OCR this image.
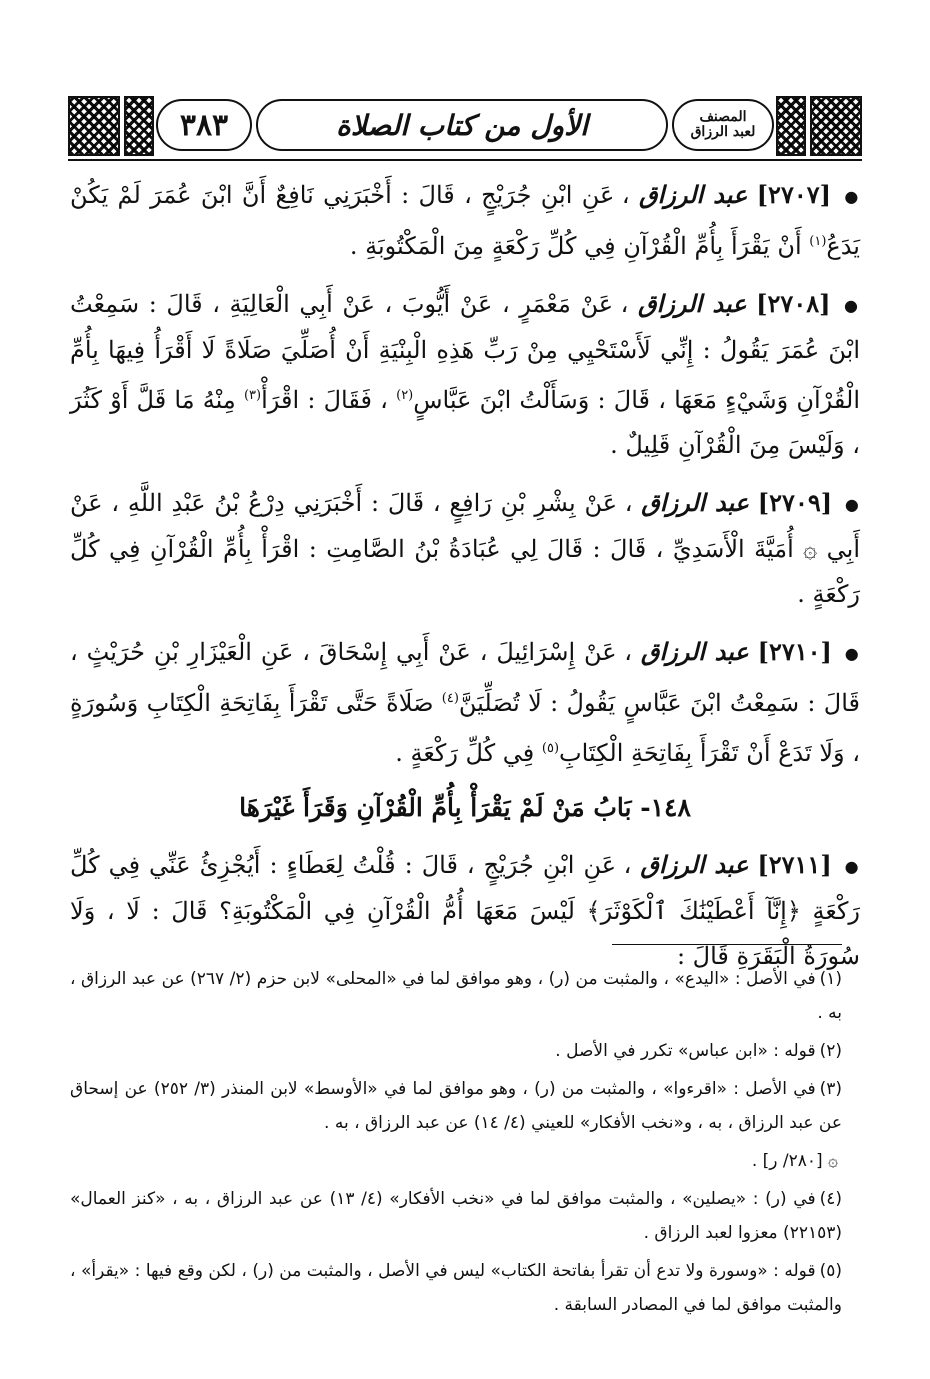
٣٨٣	الأول من كتاب الصلاة	المصنف
لعبد الرزاق

● [٢٧٠٧] عبد الرزاق ، عَنِ ابْنِ جُرَيْجٍ ، قَالَ : أَخْبَرَنِي نَافِعٌ أَنَّ ابْنَ عُمَرَ لَمْ يَكُنْ يَدَعُ$^{(١)}$ أَنْ يَقْرَأَ بِأُمِّ الْقُرْآنِ فِي كُلِّ رَكْعَةٍ مِنَ الْمَكْتُوبَةِ .

● [٢٧٠٨] عبد الرزاق ، عَنْ مَعْمَرٍ ، عَنْ أَيُّوبَ ، عَنْ أَبِي الْعَالِيَةِ ، قَالَ : سَمِعْتُ ابْنَ عُمَرَ يَقُولُ : إِنِّي لَأَسْتَحْيِي مِنْ رَبِّ هَذِهِ الْبِنْيَةِ أَنْ أُصَلِّيَ صَلَاةً لَا أَقْرَأُ فِيهَا بِأُمِّ الْقُرْآنِ وَشَيْءٍ مَعَهَا ، قَالَ : وَسَأَلْتُ ابْنَ عَبَّاسٍ$^{(٢)}$ ، فَقَالَ : اقْرَأْ$^{(٣)}$ مِنْهُ مَا قَلَّ أَوْ كَثُرَ ، وَلَيْسَ مِنَ الْقُرْآنِ قَلِيلٌ .

● [٢٧٠٩] عبد الرزاق ، عَنْ بِشْرِ بْنِ رَافِعٍ ، قَالَ : أَخْبَرَنِي دِرْعُ بْنُ عَبْدِ اللَّهِ ، عَنْ أَبِي ۞ أُمَيَّةَ الْأَسَدِيِّ ، قَالَ : قَالَ لِي عُبَادَةُ بْنُ الصَّامِتِ : اقْرَأْ بِأُمِّ الْقُرْآنِ فِي كُلِّ رَكْعَةٍ .

● [٢٧١٠] عبد الرزاق ، عَنْ إِسْرَائِيلَ ، عَنْ أَبِي إِسْحَاقَ ، عَنِ الْعَيْزَارِ بْنِ حُرَيْثٍ ، قَالَ : سَمِعْتُ ابْنَ عَبَّاسٍ يَقُولُ : لَا تُصَلِّيَنَّ$^{(٤)}$ صَلَاةً حَتَّى تَقْرَأَ بِفَاتِحَةِ الْكِتَابِ وَسُورَةٍ ، وَلَا تَدَعْ أَنْ تَقْرَأَ بِفَاتِحَةِ الْكِتَابِ$^{(٥)}$ فِي كُلِّ رَكْعَةٍ .

١٤٨- بَابُ مَنْ لَمْ يَقْرَأْ بِأُمِّ الْقُرْآنِ وَقَرَأَ غَيْرَهَا

● [٢٧١١] عبد الرزاق ، عَنِ ابْنِ جُرَيْجٍ ، قَالَ : قُلْتُ لِعَطَاءٍ : أَيُجْزِئُ عَنِّي فِي كُلِّ رَكْعَةٍ ﴿إِنَّآ أَعْطَيْنَٰكَ ٱلْكَوْثَرَ﴾ لَيْسَ مَعَهَا أُمُّ الْقُرْآنِ فِي الْمَكْتُوبَةِ؟ قَالَ : لَا ، وَلَا سُورَةُ الْبَقَرَةِ قَالَ :

(١)في الأصل : «اليدع» ، والمثبت من (ر) ، وهو موافق لما في «المحلى» لابن حزم (٢/ ٢٦٧) عن عبد الرزاق ، به .

(٢)قوله : «ابن عباس» تكرر في الأصل .

(٣)في الأصل : «اقرءوا» ، والمثبت من (ر) ، وهو موافق لما في «الأوسط» لابن المنذر (٣/ ٢٥٢) عن إسحاق عن عبد الرزاق ، به ، و«نخب الأفكار» للعيني (٤/ ١٤) عن عبد الرزاق ، به .

۞ [٢٨٠/ ر] .

(٤)في (ر) : «يصلين» ، والمثبت موافق لما في «نخب الأفكار» (٤/ ١٣) عن عبد الرزاق ، به ، «كنز العمال» (٢٢١٥٣) معزوا لعبد الرزاق .

(٥)قوله : «وسورة ولا تدع أن تقرأ بفاتحة الكتاب» ليس في الأصل ، والمثبت من (ر) ، لكن وقع فيها : «يقرأ» ، والمثبت موافق لما في المصادر السابقة .
